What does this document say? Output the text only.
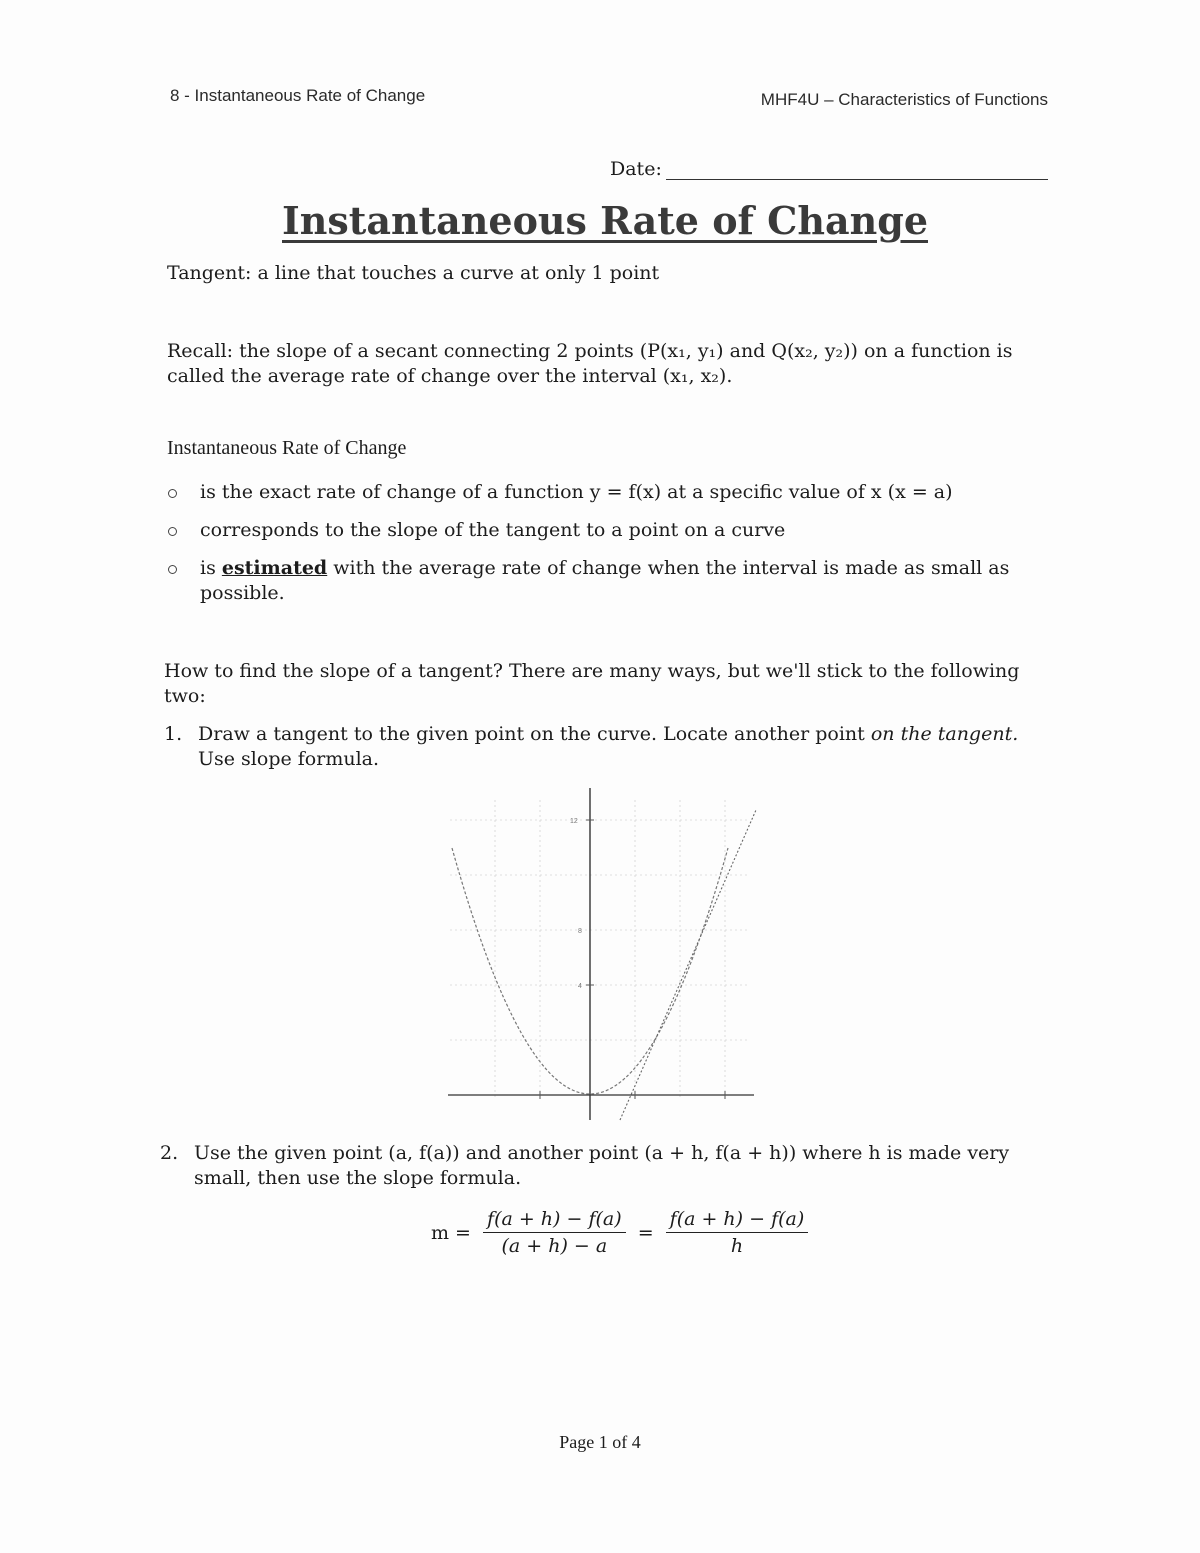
8 - Instantaneous Rate of Change	MHF4U – Characteristics of Functions
Date:
Instantaneous Rate of Change
Tangent: a line that touches a curve at only 1 point
Recall: the slope of a secant connecting 2 points (P(x₁, y₁) and Q(x₂, y₂)) on a function is
called the average rate of change over the interval (x₁, x₂).
Instantaneous Rate of Change
is the exact rate of change of a function y = f(x) at a specific value of x (x = a)
corresponds to the slope of the tangent to a point on a curve
is estimated with the average rate of change when the interval is made as small as possible.
How to find the slope of a tangent? There are many ways, but we'll stick to the following two:
1. Draw a tangent to the given point on the curve. Locate another point on the tangent.
Use slope formula.
12
8
4
2. Use the given point (a, f(a)) and another point (a + h, f(a + h)) where h is made very
small, then use the slope formula.
$m = \frac{f(a + h) - f(a)}{(a + h) - a} = \frac{f(a + h) - f(a)}{h}$
Page 1 of 4
